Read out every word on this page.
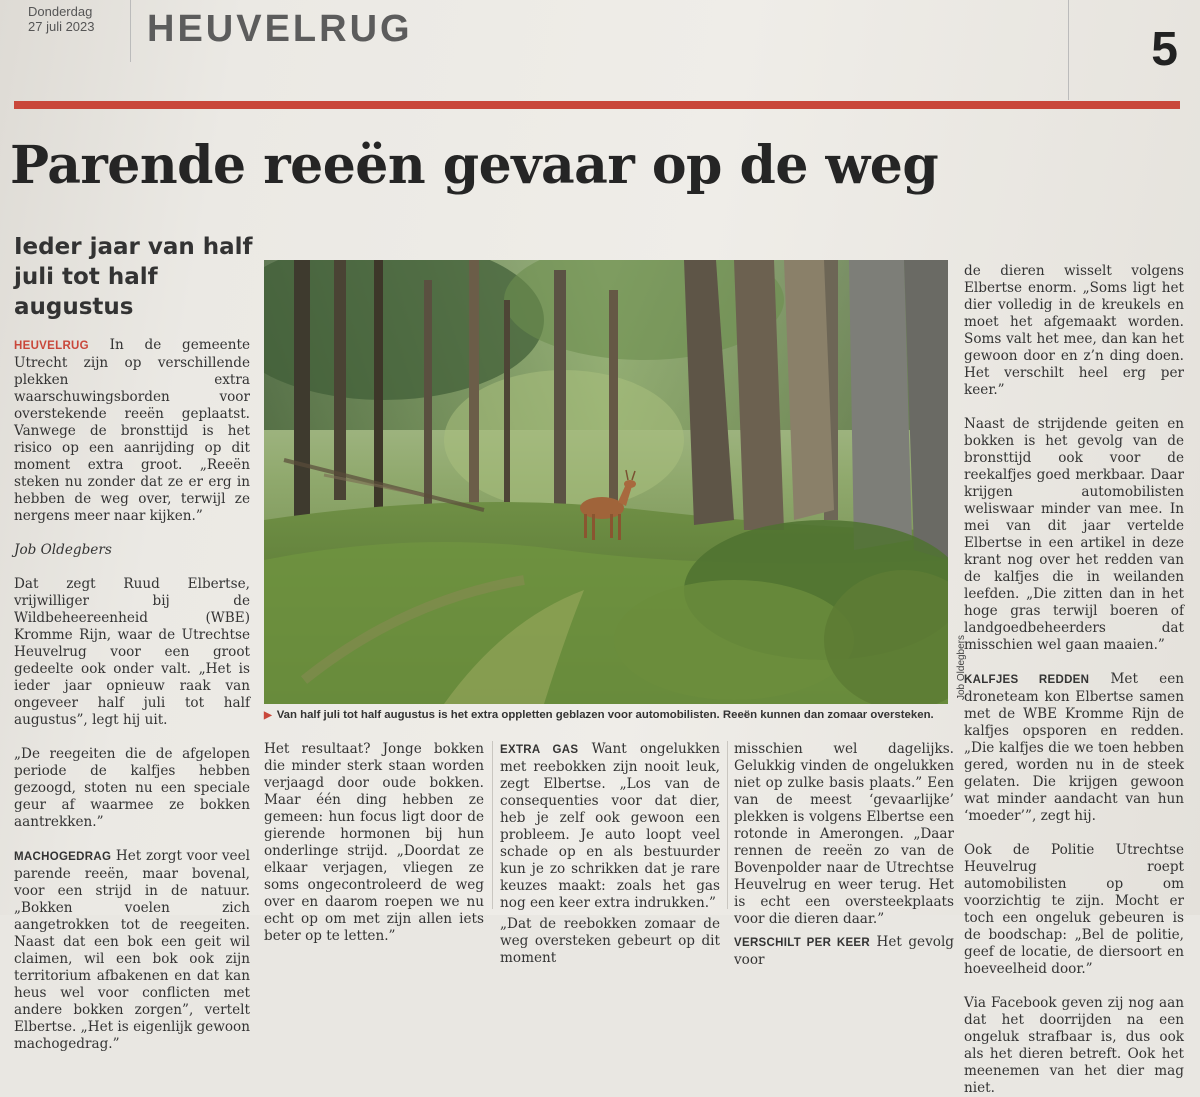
Donderdag
27 juli 2023 HEUVELRUG	5
Parende reeën gevaar op de weg
Ieder jaar van half juli tot half augustus

HEUVELRUG In de gemeente Utrecht zijn op verschillende plekken extra waarschuwingsborden voor overstekende reeën geplaatst. Vanwege de bronsttijd is het risico op een aanrijding op dit moment extra groot. „Reeën steken nu zonder dat ze er erg in hebben de weg over, terwijl ze nergens meer naar kijken.”

Job Oldegbers

Dat zegt Ruud Elbertse, vrijwilliger bij de Wildbeheereenheid (WBE) Kromme Rijn, waar de Utrechtse Heuvelrug voor een groot gedeelte ook onder valt. „Het is ieder jaar opnieuw raak van ongeveer half juli tot half augustus”, legt hij uit.

„De reegeiten die de afgelopen periode de kalfjes hebben gezoogd, stoten nu een speciale geur af waarmee ze bokken aantrekken.”

MACHOGEDRAG Het zorgt voor veel parende reeën, maar bovenal, voor een strijd in de natuur. „Bokken voelen zich aangetrokken tot de reegeiten. Naast dat een bok een geit wil claimen, wil een bok ook zijn territorium afbakenen en dat kan heus wel voor conflicten met andere bokken zorgen”, vertelt Elbertse. „Het is eigenlijk gewoon machogedrag.”

Job Oldegbers
▶ Van half juli tot half augustus is het extra oppletten geblazen voor automobilisten. Reeën kunnen dan zomaar oversteken.

Het resultaat? Jonge bokken die minder sterk staan worden verjaagd door oude bokken. Maar één ding hebben ze gemeen: hun focus ligt door de gierende hormonen bij hun onderlinge strijd. „Doordat ze elkaar verjagen, vliegen ze soms ongecontroleerd de weg over en daarom roepen we nu echt op om met zijn allen iets beter op te letten.”

EXTRA GAS Want ongelukken met reebokken zijn nooit leuk, zegt Elbertse. „Los van de consequenties voor dat dier, heb je zelf ook gewoon een probleem. Je auto loopt veel schade op en als bestuurder kun je zo schrikken dat je rare keuzes maakt: zoals het gas nog een keer extra indrukken.”

„Dat de reebokken zomaar de weg oversteken gebeurt op dit moment

misschien wel dagelijks. Gelukkig vinden de ongelukken niet op zulke basis plaats.” Een van de meest ‘gevaarlijke’ plekken is volgens Elbertse een rotonde in Amerongen. „Daar rennen de reeën zo van de Bovenpolder naar de Utrechtse Heuvelrug en weer terug. Het is echt een oversteekplaats voor die dieren daar.”

VERSCHILT PER KEER Het gevolg voor

de dieren wisselt volgens Elbertse enorm. „Soms ligt het dier volledig in de kreukels en moet het afgemaakt worden. Soms valt het mee, dan kan het gewoon door en z’n ding doen. Het verschilt heel erg per keer.”

Naast de strijdende geiten en bokken is het gevolg van de bronsttijd ook voor de reekalfjes goed merkbaar. Daar krijgen automobilisten weliswaar minder van mee. In mei van dit jaar vertelde Elbertse in een artikel in deze krant nog over het redden van de kalfjes die in weilanden leefden. „Die zitten dan in het hoge gras terwijl boeren of landgoedbeheerders dat misschien wel gaan maaien.”

KALFJES REDDEN Met een droneteam kon Elbertse samen met de WBE Kromme Rijn de kalfjes opsporen en redden. „Die kalfjes die we toen hebben gered, worden nu in de steek gelaten. Die krijgen gewoon wat minder aandacht van hun ‘moeder’”, zegt hij.

Ook de Politie Utrechtse Heuvelrug roept automobilisten op om voorzichtig te zijn. Mocht er toch een ongeluk gebeuren is de boodschap: „Bel de politie, geef de locatie, de diersoort en hoeveelheid door.”

Via Facebook geven zij nog aan dat het doorrijden na een ongeluk strafbaar is, dus ook als het dieren betreft. Ook het meenemen van het dier mag niet.
